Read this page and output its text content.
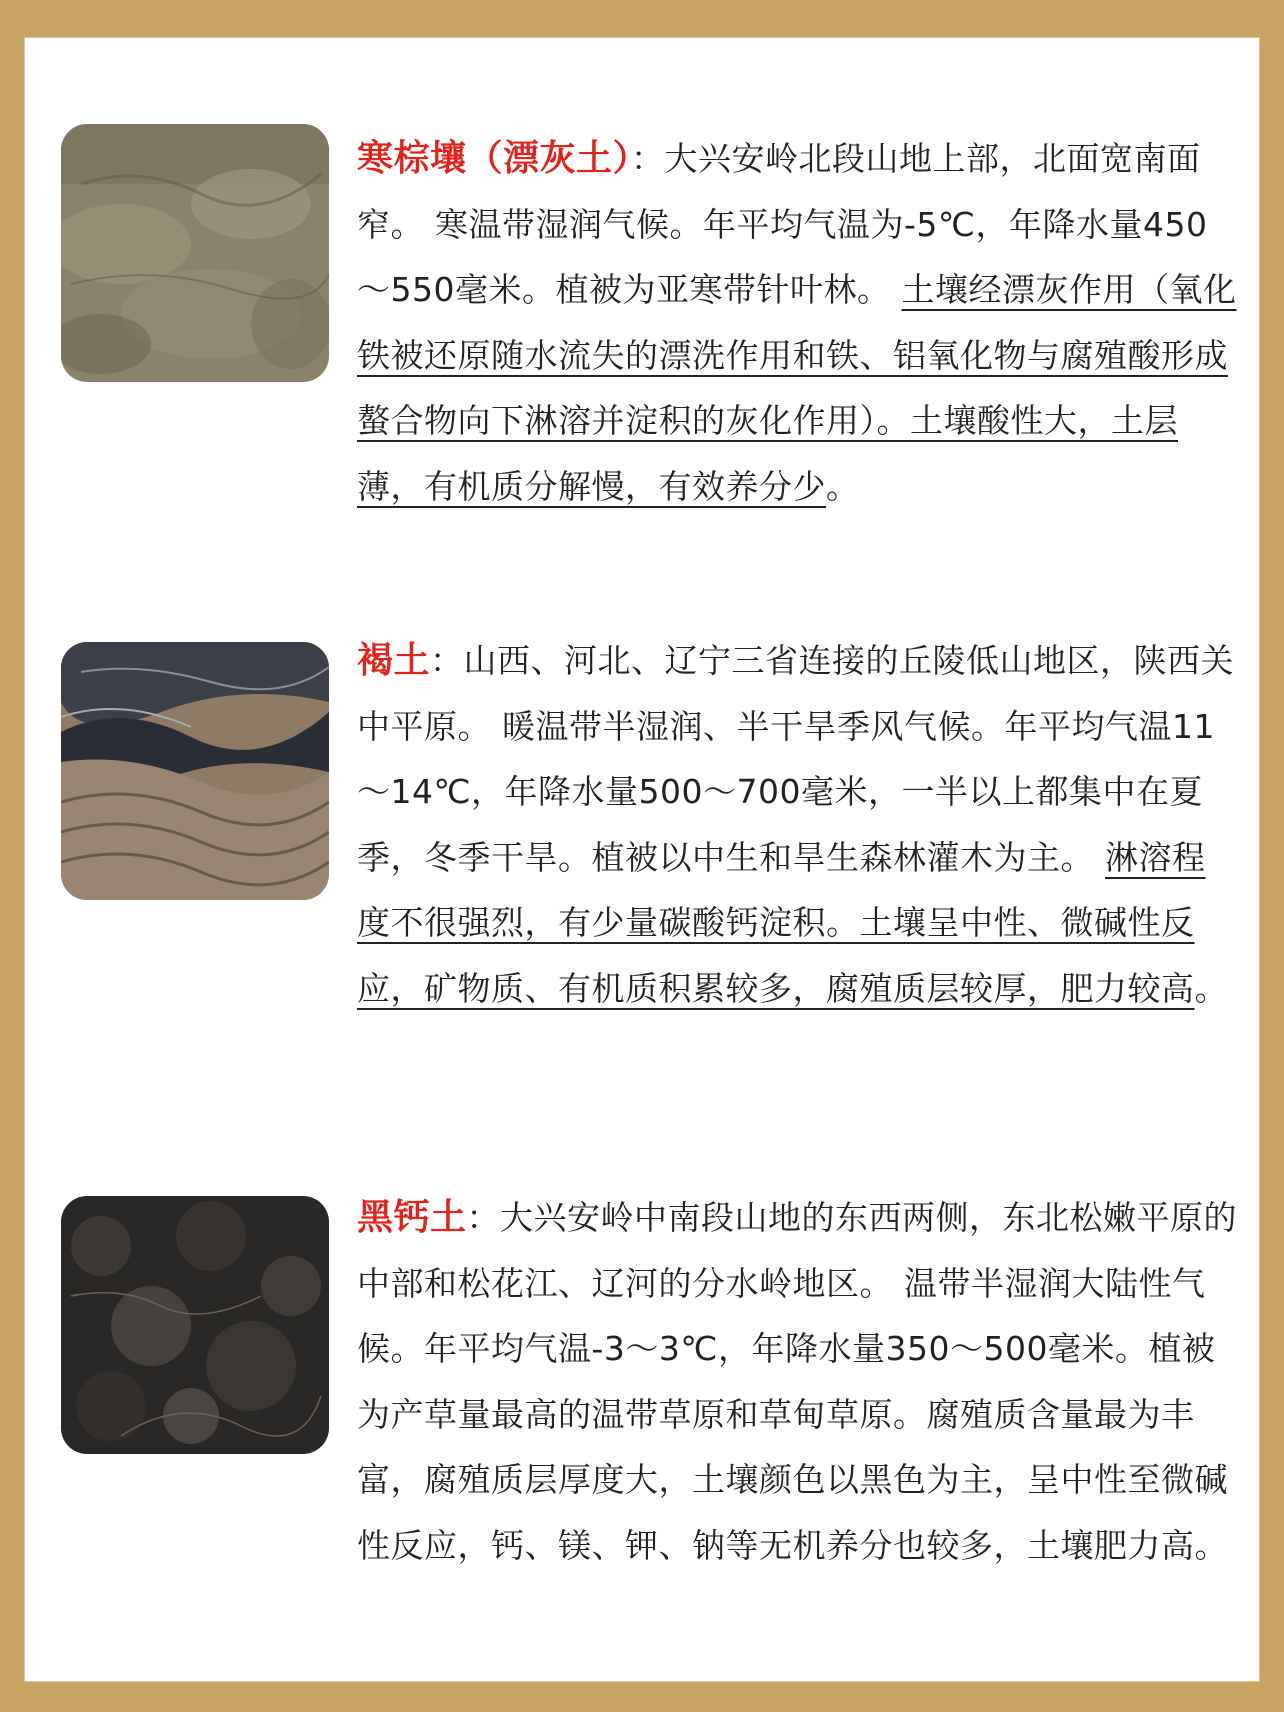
寒棕壤（漂灰土）：大兴安岭北段山地上部，北面宽南面窄。 寒温带湿润气候。年平均气温为-5℃，年降水量450～550毫米。植被为亚寒带针叶林。 土壤经漂灰作用（氧化铁被还原随水流失的漂洗作用和铁、铝氧化物与腐殖酸形成螯合物向下淋溶并淀积的灰化作用）。土壤酸性大，土层薄，有机质分解慢，有效养分少。
褐土：山西、河北、辽宁三省连接的丘陵低山地区，陕西关中平原。 暖温带半湿润、半干旱季风气候。年平均气温11～14℃，年降水量500～700毫米，一半以上都集中在夏季，冬季干旱。植被以中生和旱生森林灌木为主。 淋溶程度不很强烈，有少量碳酸钙淀积。土壤呈中性、微碱性反应，矿物质、有机质积累较多，腐殖质层较厚，肥力较高。
黑钙土：大兴安岭中南段山地的东西两侧，东北松嫩平原的中部和松花江、辽河的分水岭地区。 温带半湿润大陆性气候。年平均气温-3～3℃，年降水量350～500毫米。植被为产草量最高的温带草原和草甸草原。腐殖质含量最为丰富，腐殖质层厚度大，土壤颜色以黑色为主，呈中性至微碱性反应，钙、镁、钾、钠等无机养分也较多，土壤肥力高。
